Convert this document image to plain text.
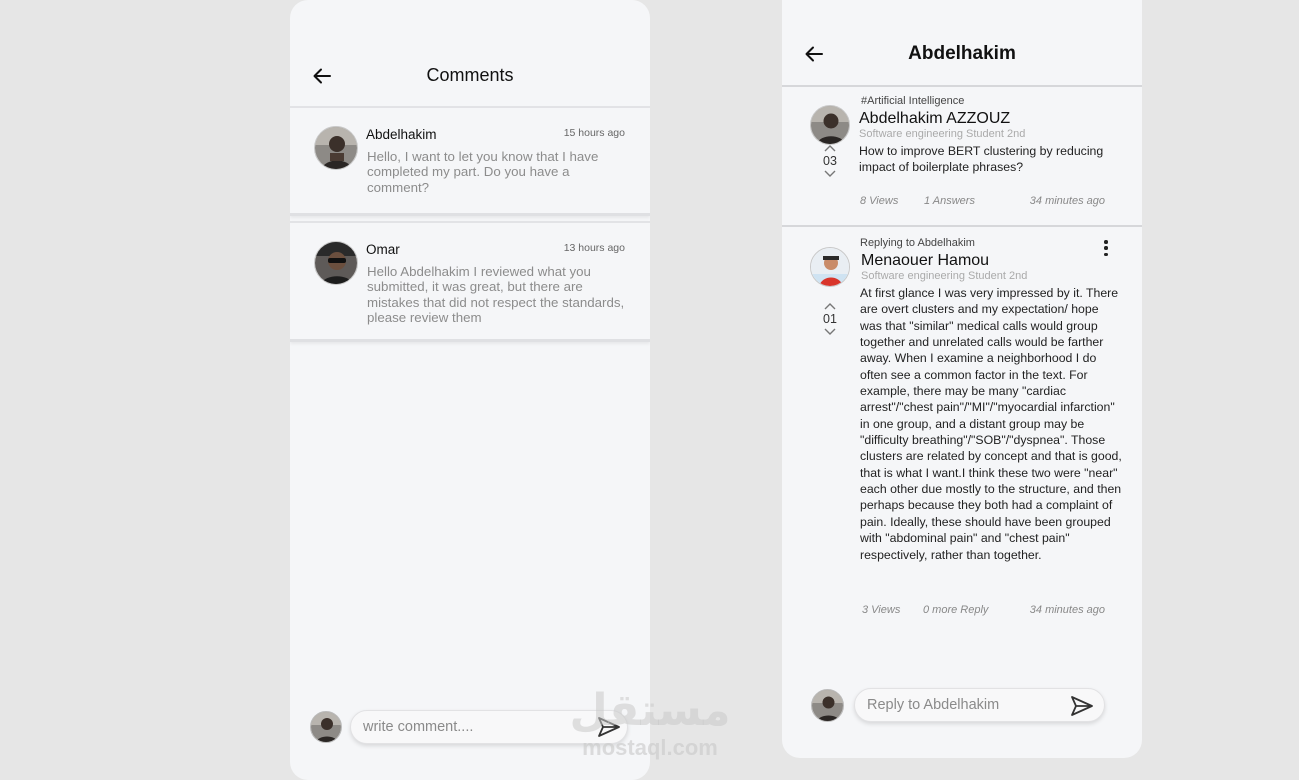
Comments
Abdelhakim	15 hours ago
Hello, I want to let you know that I have completed my part. Do you have a comment?
Omar	13 hours ago
Hello Abdelhakim I reviewed what you submitted, it was great, but there are mistakes that did not respect the standards, please review them
write comment....
Abdelhakim
#Artificial Intelligence
Abdelhakim AZZOUZ
Software engineering Student 2nd
How to improve BERT clustering by reducing impact of boilerplate phrases?
03
8 Views 1 Answers	34 minutes ago
Replying to Abdelhakim
Menaouer Hamou
Software engineering Student 2nd
At first glance I was very impressed by it. There are overt clusters and my expectation/ hope was that "similar" medical calls would group together and unrelated calls would be farther away. When I examine a neighborhood I do often see a common factor in the text. For example, there may be many "cardiac arrest"/"chest pain"/"MI"/"myocardial infarction" in one group, and a distant group may be "difficulty breathing"/"SOB"/"dyspnea". Those clusters are related by concept and that is good, that is what I want.I think these two were "near" each other due mostly to the structure, and then perhaps because they both had a complaint of pain. Ideally, these should have been grouped with "abdominal pain" and "chest pain" respectively, rather than together.
01
3 Views 0 more Reply	34 minutes ago
Reply to Abdelhakim
مستقل
mostaql.com
